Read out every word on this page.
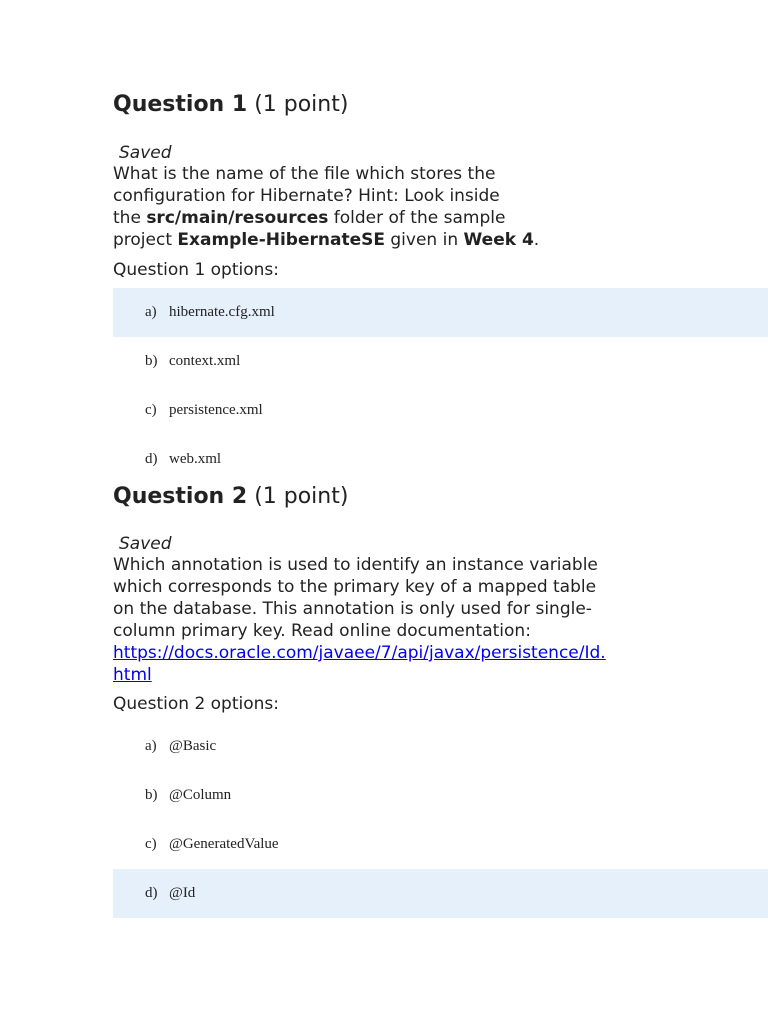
Question 1 (1 point)
Saved

What is the name of the file which stores the

configuration for Hibernate? Hint: Look inside

the src/main/resources folder of the sample

project Example-HibernateSE given in Week 4.

Question 1 options:
a) hibernate.cfg.xml
b) context.xml
c) persistence.xml
d) web.xml
Question 2 (1 point)
Saved

Which annotation is used to identify an instance variable

which corresponds to the primary key of a mapped table

on the database. This annotation is only used for single-

column primary key. Read online documentation:

https://docs.oracle.com/javaee/7/api/javax/persistence/Id.

html

Question 2 options:
a) @Basic
b) @Column
c) @GeneratedValue
d) @Id
